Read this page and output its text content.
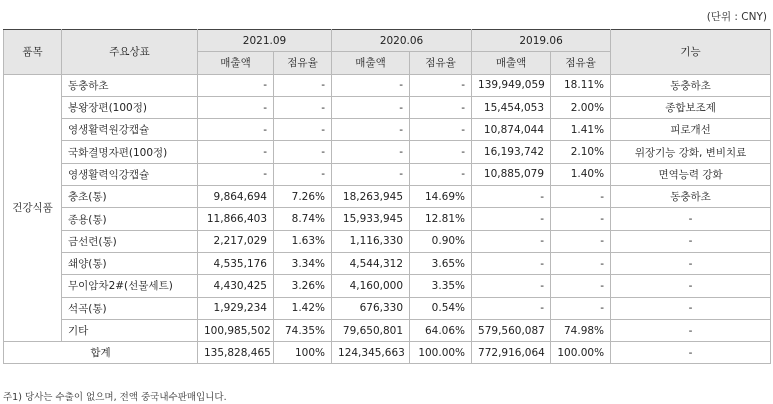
(단위 : CNY)
품목	주요상표	2021.09		2020.06		2019.06		기능
		매출액	점유율	매출액	점유율	매출액	점유율	
건강식품	동충하초	-	-	-	-	139,949,059	18.11%	동충하초
	봉왕장편(100정)	-	-	-	-	15,454,053	2.00%	종합보조제
	영생활력원강캡슐	-	-	-	-	10,874,044	1.41%	피로개선
	국화결명자편(100정)	-	-	-	-	16,193,742	2.10%	위장기능 강화, 변비치료
	영생활력익강캡슐	-	-	-	-	10,885,079	1.40%	면역능력 강화
	충초(통)	9,864,694	7.26%	18,263,945	14.69%	-	-	동충하초
	종용(통)	11,866,403	8.74%	15,933,945	12.81%	-	-	-
	금선련(통)	2,217,029	1.63%	1,116,330	0.90%	-	-	-
	쇄양(통)	4,535,176	3.34%	4,544,312	3.65%	-	-	-
	무이암차2#(선물세트)	4,430,425	3.26%	4,160,000	3.35%	-	-	-
	석곡(통)	1,929,234	1.42%	676,330	0.54%	-	-	-
	기타	100,985,502	74.35%	79,650,801	64.06%	579,560,087	74.98%	-
합계		135,828,465	100%	124,345,663	100.00%	772,916,064	100.00%	-
주1) 당사는 수출이 없으며, 전액 중국내수판매입니다.
